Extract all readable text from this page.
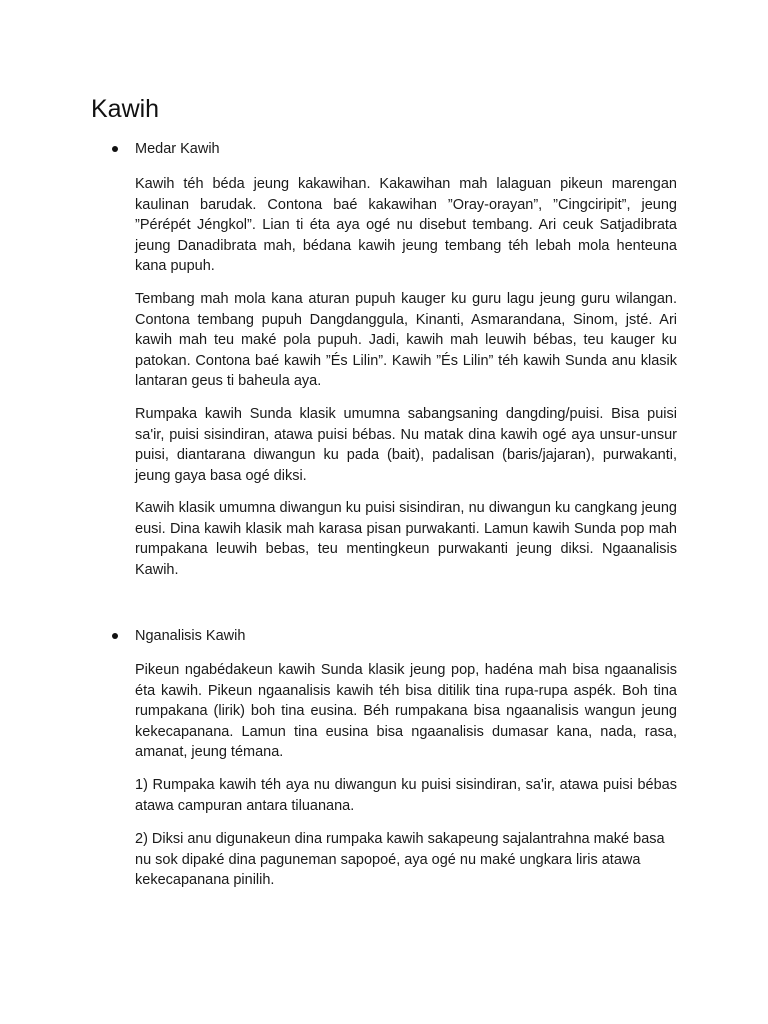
Kawih
Medar Kawih

Kawih téh béda jeung kakawihan. Kakawihan mah lalaguan pikeun marengan kaulinan barudak. Contona baé kakawihan ”Oray-orayan”, ”Cingciripit”, jeung ”Pérépét Jéngkol”. Lian ti éta aya ogé nu disebut tembang. Ari ceuk Satjadibrata jeung Danadibrata mah, bédana kawih jeung tembang téh lebah mola henteuna kana pupuh.

Tembang mah mola kana aturan pupuh kauger ku guru lagu jeung guru wilangan. Contona tembang pupuh Dangdanggula, Kinanti, Asmarandana, Sinom, jsté. Ari kawih mah teu maké pola pupuh. Jadi, kawih mah leuwih bébas, teu kauger ku patokan. Contona baé kawih ”És Lilin”. Kawih ”És Lilin” téh kawih Sunda anu klasik lantaran geus ti baheula aya.

Rumpaka kawih Sunda klasik umumna sabangsaning dangding/puisi. Bisa puisi sa'ir, puisi sisindiran, atawa puisi bébas. Nu matak dina kawih ogé aya unsur-unsur puisi, diantarana diwangun ku pada (bait), padalisan (baris/jajaran), purwakanti, jeung gaya basa ogé diksi.

Kawih klasik umumna diwangun ku puisi sisindiran, nu diwangun ku cangkang jeung eusi. Dina kawih klasik mah karasa pisan purwakanti. Lamun kawih Sunda pop mah rumpakana leuwih bebas, teu mentingkeun purwakanti jeung diksi. Ngaanalisis Kawih.

Nganalisis Kawih

Pikeun ngabédakeun kawih Sunda klasik jeung pop, hadéna mah bisa ngaanalisis éta kawih. Pikeun ngaanalisis kawih téh bisa ditilik tina rupa-rupa aspék. Boh tina rumpakana (lirik) boh tina eusina. Béh rumpakana bisa ngaanalisis wangun jeung kekecapanana. Lamun tina eusina bisa ngaanalisis dumasar kana, nada, rasa, amanat, jeung témana.

1) Rumpaka kawih téh aya nu diwangun ku puisi sisindiran, sa'ir, atawa puisi bébas atawa campuran antara tiluanana.

2) Diksi anu digunakeun dina rumpaka kawih sakapeung sajalantrahna maké basa nu sok dipaké dina paguneman sapopoé, aya ogé nu maké ungkara liris atawa kekecapanana pinilih.
